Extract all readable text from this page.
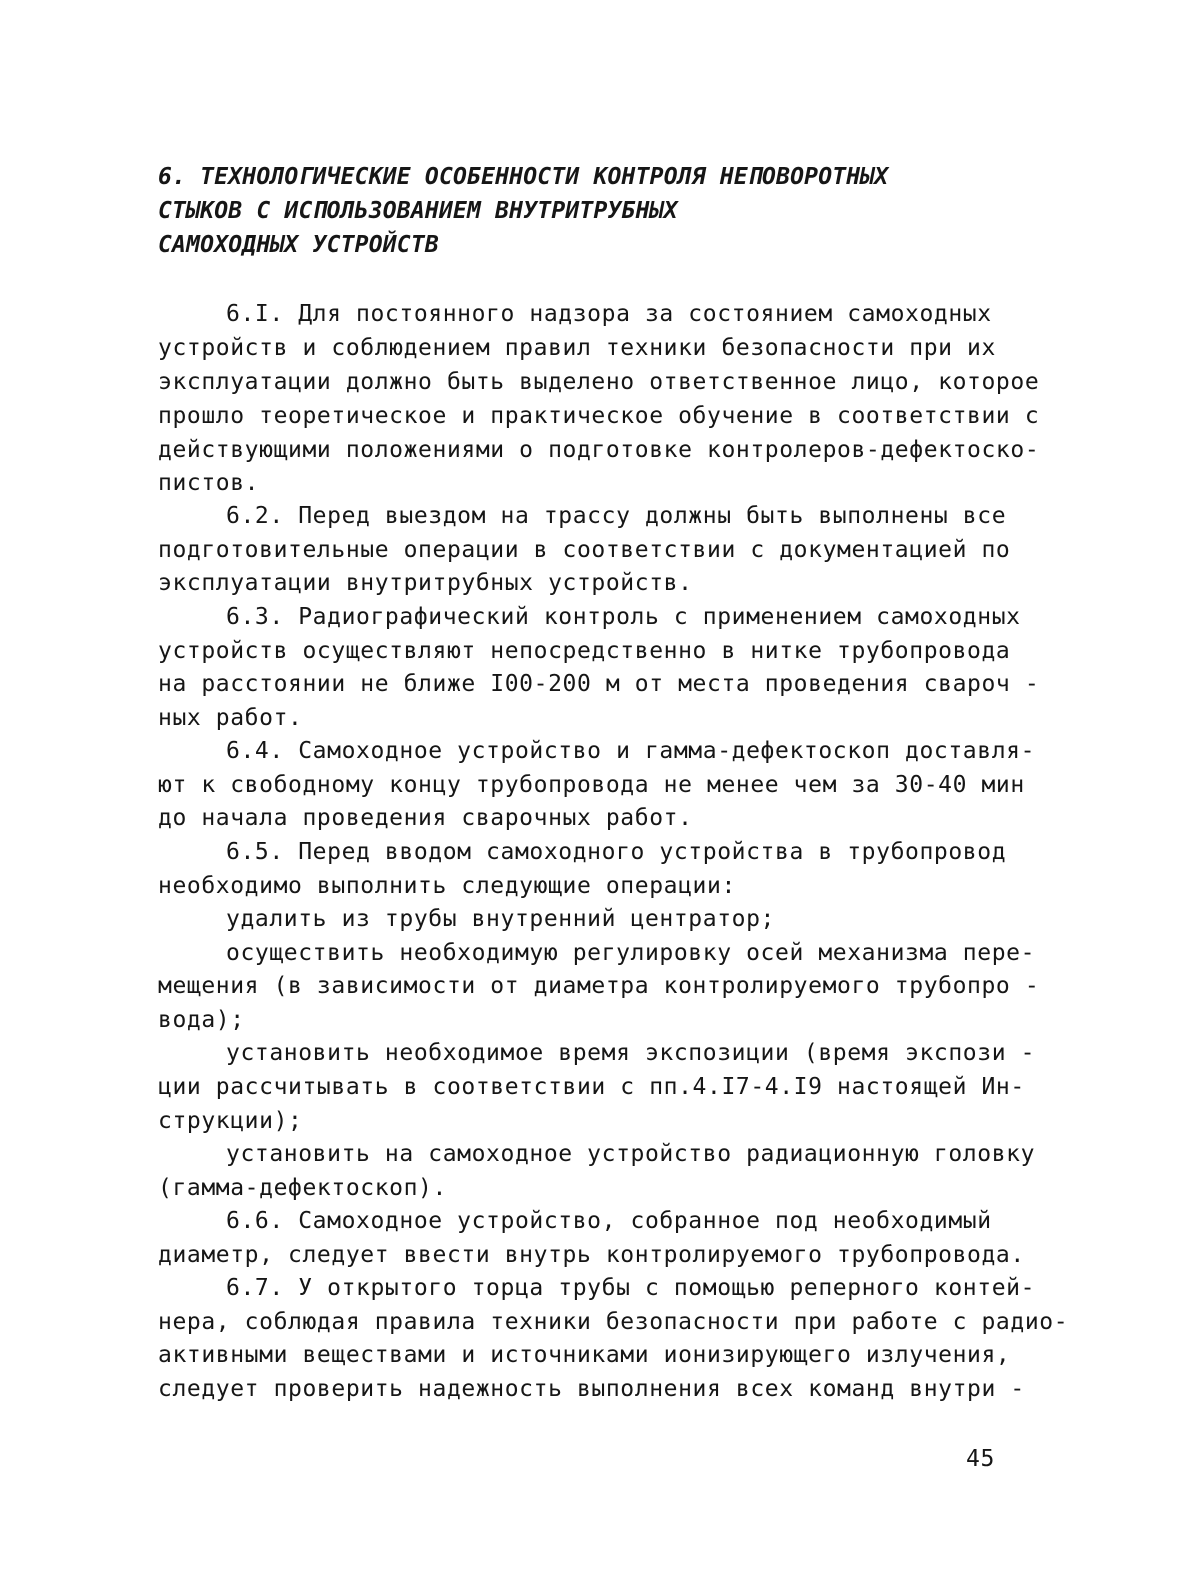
6. ТЕХНОЛОГИЧЕСКИЕ ОСОБЕННОСТИ КОНТРОЛЯ НЕПОВОРОТНЫХ
СТЫКОВ С ИСПОЛЬЗОВАНИЕМ ВНУТРИТРУБНЫХ
САМОХОДНЫХ УСТРОЙСТВ
6.I. Для постоянного надзора за состоянием самоходных
устройств и соблюдением правил техники безопасности при их
эксплуатации должно быть выделено ответственное лицо, которое
прошло теоретическое и практическое обучение в соответствии с
действующими положениями о подготовке контролеров-дефектоско-
пистов.
6.2. Перед выездом на трассу должны быть выполнены все
подготовительные операции в соответствии с документацией по
эксплуатации внутритрубных устройств.
6.3. Радиографический контроль с применением самоходных
устройств осуществляют непосредственно в нитке трубопровода
на расстоянии не ближе I00-200 м от места проведения свароч -
ных работ.
6.4. Самоходное устройство и гамма-дефектоскоп доставля-
ют к свободному концу трубопровода не менее чем за 30-40 мин
до начала проведения сварочных работ.
6.5. Перед вводом самоходного устройства в трубопровод
необходимо выполнить следующие операции:
удалить из трубы внутренний центратор;
осуществить необходимую регулировку осей механизма пере-
мещения (в зависимости от диаметра контролируемого трубопро -
вода);
установить необходимое время экспозиции (время экспози -
ции рассчитывать в соответствии с пп.4.I7-4.I9 настоящей Ин-
струкции);
установить на самоходное устройство радиационную головку
(гамма-дефектоскоп).
6.6. Самоходное устройство, собранное под необходимый
диаметр, следует ввести внутрь контролируемого трубопровода.
6.7. У открытого торца трубы с помощью реперного контей-
нера, соблюдая правила техники безопасности при работе с радио-
активными веществами и источниками ионизирующего излучения,
следует проверить надежность выполнения всех команд внутри -
45
